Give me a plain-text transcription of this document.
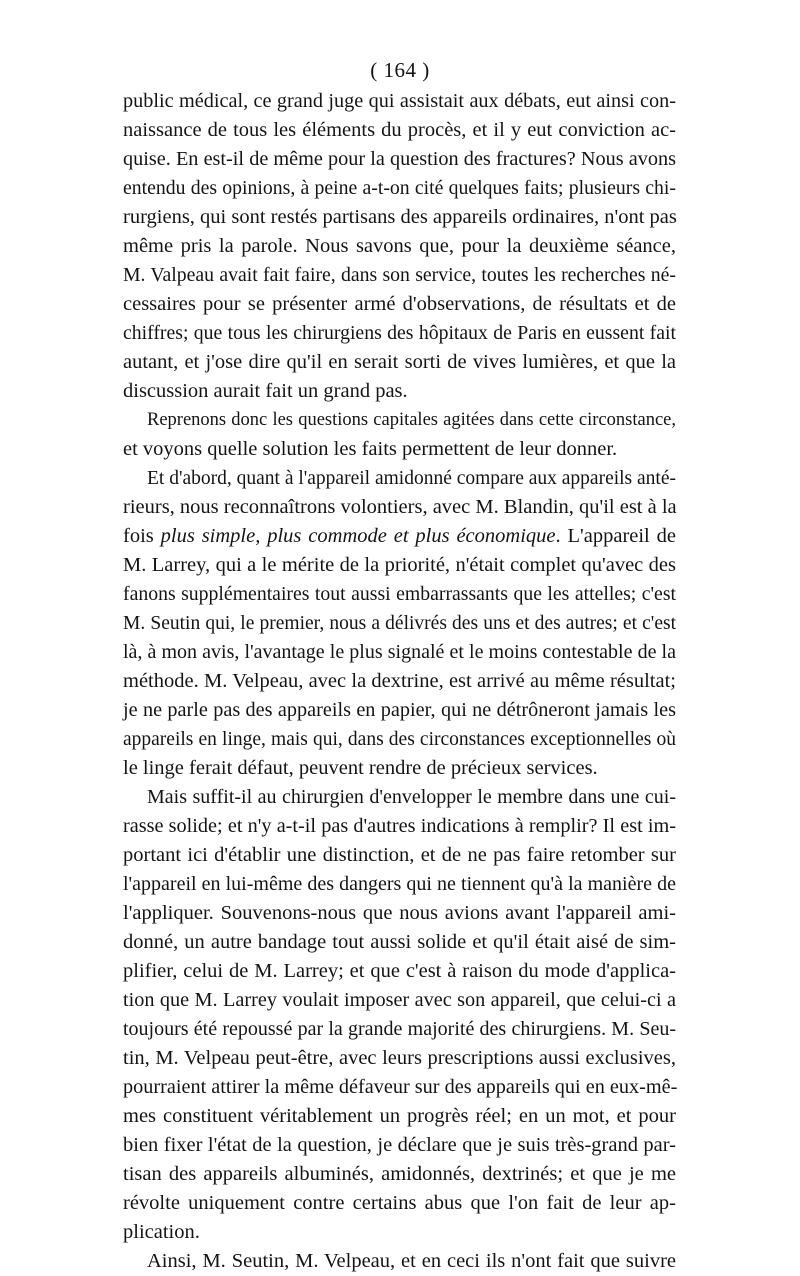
( 164 )
public médical, ce grand juge qui assistait aux débats, eut ainsi con-
naissance de tous les éléments du procès, et il y eut conviction ac-
quise. En est-il de même pour la question des fractures? Nous avons
entendu des opinions, à peine a-t-on cité quelques faits; plusieurs chi-
rurgiens, qui sont restés partisans des appareils ordinaires, n'ont pas
même pris la parole. Nous savons que, pour la deuxième séance,
M. Valpeau avait fait faire, dans son service, toutes les recherches né-
cessaires pour se présenter armé d'observations, de résultats et de
chiffres; que tous les chirurgiens des hôpitaux de Paris en eussent fait
autant, et j'ose dire qu'il en serait sorti de vives lumières, et que la
discussion aurait fait un grand pas.
Reprenons donc les questions capitales agitées dans cette circonstance,
et voyons quelle solution les faits permettent de leur donner.
Et d'abord, quant à l'appareil amidonné compare aux appareils anté-
rieurs, nous reconnaîtrons volontiers, avec M. Blandin, qu'il est à la
fois plus simple, plus commode et plus économique. L'appareil de
M. Larrey, qui a le mérite de la priorité, n'était complet qu'avec des
fanons supplémentaires tout aussi embarrassants que les attelles; c'est
M. Seutin qui, le premier, nous a délivrés des uns et des autres; et c'est
là, à mon avis, l'avantage le plus signalé et le moins contestable de la
méthode. M. Velpeau, avec la dextrine, est arrivé au même résultat;
je ne parle pas des appareils en papier, qui ne détrôneront jamais les
appareils en linge, mais qui, dans des circonstances exceptionnelles où
le linge ferait défaut, peuvent rendre de précieux services.
Mais suffit-il au chirurgien d'envelopper le membre dans une cui-
rasse solide; et n'y a-t-il pas d'autres indications à remplir? Il est im-
portant ici d'établir une distinction, et de ne pas faire retomber sur
l'appareil en lui-même des dangers qui ne tiennent qu'à la manière de
l'appliquer. Souvenons-nous que nous avions avant l'appareil ami-
donné, un autre bandage tout aussi solide et qu'il était aisé de sim-
plifier, celui de M. Larrey; et que c'est à raison du mode d'applica-
tion que M. Larrey voulait imposer avec son appareil, que celui-ci a
toujours été repoussé par la grande majorité des chirurgiens. M. Seu-
tin, M. Velpeau peut-être, avec leurs prescriptions aussi exclusives,
pourraient attirer la même défaveur sur des appareils qui en eux-mê-
mes constituent véritablement un progrès réel; en un mot, et pour
bien fixer l'état de la question, je déclare que je suis très-grand par-
tisan des appareils albuminés, amidonnés, dextrinés; et que je me
révolte uniquement contre certains abus que l'on fait de leur ap-
plication.
Ainsi, M. Seutin, M. Velpeau, et en ceci ils n'ont fait que suivre
